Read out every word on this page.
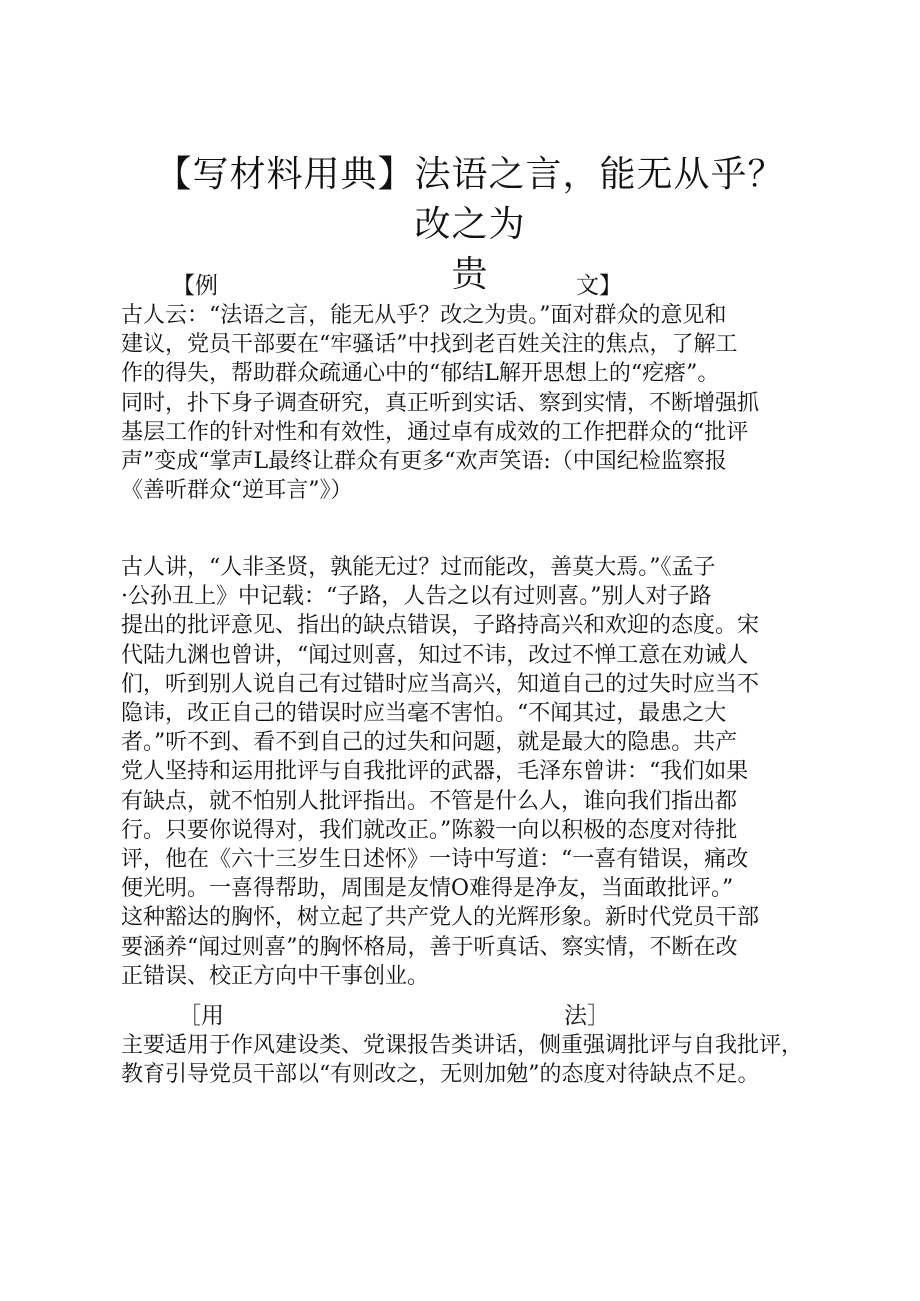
【写材料用典】法语之言，能无从乎？改之为
贵
【例	文】

古人云：“法语之言，能无从乎？改之为贵。”面对群众的意见和
建议，党员干部要在“牢骚话”中找到老百姓关注的焦点，了解工
作的得失，帮助群众疏通心中的“郁结L解开思想上的“疙瘩”。
同时，扑下身子调查研究，真正听到实话、察到实情，不断增强抓
基层工作的针对性和有效性，通过卓有成效的工作把群众的“批评
声”变成“掌声L最终让群众有更多“欢声笑语:（中国纪检监察报
《善听群众“逆耳言”》）

古人讲，“人非圣贤，孰能无过？过而能改，善莫大焉。”《孟子
·公孙丑上》中记载：“子路，人告之以有过则喜。”别人对子路
提出的批评意见、指出的缺点错误，子路持高兴和欢迎的态度。宋
代陆九渊也曾讲，“闻过则喜，知过不讳，改过不惮工意在劝诫人
们，听到别人说自己有过错时应当高兴，知道自己的过失时应当不
隐讳，改正自己的错误时应当毫不害怕。“不闻其过，最患之大
者。”听不到、看不到自己的过失和问题，就是最大的隐患。共产
党人坚持和运用批评与自我批评的武器，毛泽东曾讲：“我们如果
有缺点，就不怕别人批评指出。不管是什么人，谁向我们指出都
行。只要你说得对，我们就改正。”陈毅一向以积极的态度对待批
评，他在《六十三岁生日述怀》一诗中写道：“一喜有错误，痛改
便光明。一喜得帮助，周围是友情O难得是净友，当面敢批评。”
这种豁达的胸怀，树立起了共产党人的光辉形象。新时代党员干部
要涵养“闻过则喜”的胸怀格局，善于听真话、察实情，不断在改
正错误、校正方向中干事创业。

［用	法］

主要适用于作风建设类、党课报告类讲话，侧重强调批评与自我批评，
教育引导党员干部以“有则改之，无则加勉”的态度对待缺点不足。
